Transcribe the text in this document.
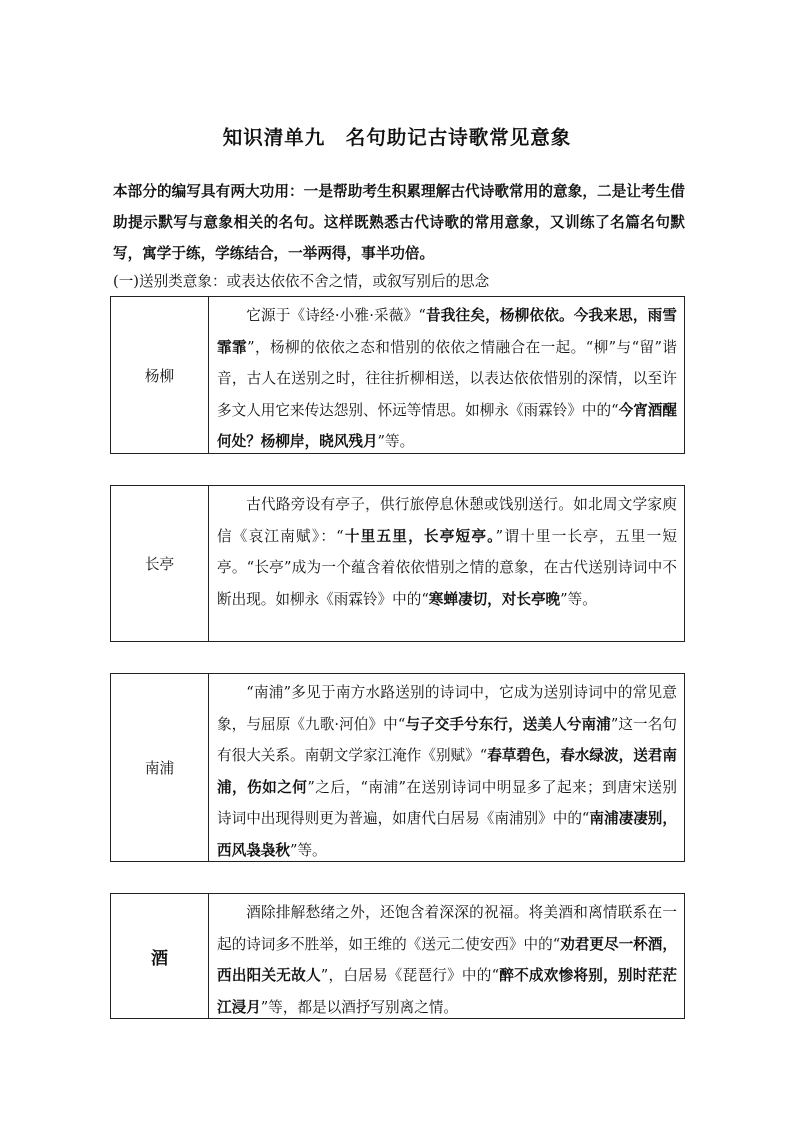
知识清单九　名句助记古诗歌常见意象
本部分的编写具有两大功用：一是帮助考生积累理解古代诗歌常用的意象，二是让考生借助提示默写与意象相关的名句。这样既熟悉古代诗歌的常用意象，又训练了名篇名句默写，寓学于练，学练结合，一举两得，事半功倍。
(一)送别类意象：或表达依依不舍之情，或叙写别后的思念
杨柳
它源于《诗经·小雅·采薇》“昔我往矣，杨柳依依。今我来思，雨雪霏霏”，杨柳的依依之态和惜别的依依之情融合在一起。“柳”与“留”谐音，古人在送别之时，往往折柳相送，以表达依依惜别的深情，以至许多文人用它来传达怨别、怀远等情思。如柳永《雨霖铃》中的“今宵酒醒何处？杨柳岸，晓风残月”等。
长亭
古代路旁设有亭子，供行旅停息休憩或饯别送行。如北周文学家庾信《哀江南赋》：“十里五里，长亭短亭。”谓十里一长亭，五里一短亭。“长亭”成为一个蕴含着依依惜别之情的意象，在古代送别诗词中不断出现。如柳永《雨霖铃》中的“寒蝉凄切，对长亭晚”等。
南浦
“南浦”多见于南方水路送别的诗词中，它成为送别诗词中的常见意象，与屈原《九歌·河伯》中“与子交手兮东行，送美人兮南浦”这一名句有很大关系。南朝文学家江淹作《别赋》“春草碧色，春水绿波，送君南浦，伤如之何”之后，“南浦”在送别诗词中明显多了起来；到唐宋送别诗词中出现得则更为普遍，如唐代白居易《南浦别》中的“南浦凄凄别，西风袅袅秋”等。
酒
酒除排解愁绪之外，还饱含着深深的祝福。将美酒和离情联系在一起的诗词多不胜举，如王维的《送元二使安西》中的“劝君更尽一杯酒，西出阳关无故人”，白居易《琵琶行》中的“醉不成欢惨将别，别时茫茫江浸月”等，都是以酒抒写别离之情。
